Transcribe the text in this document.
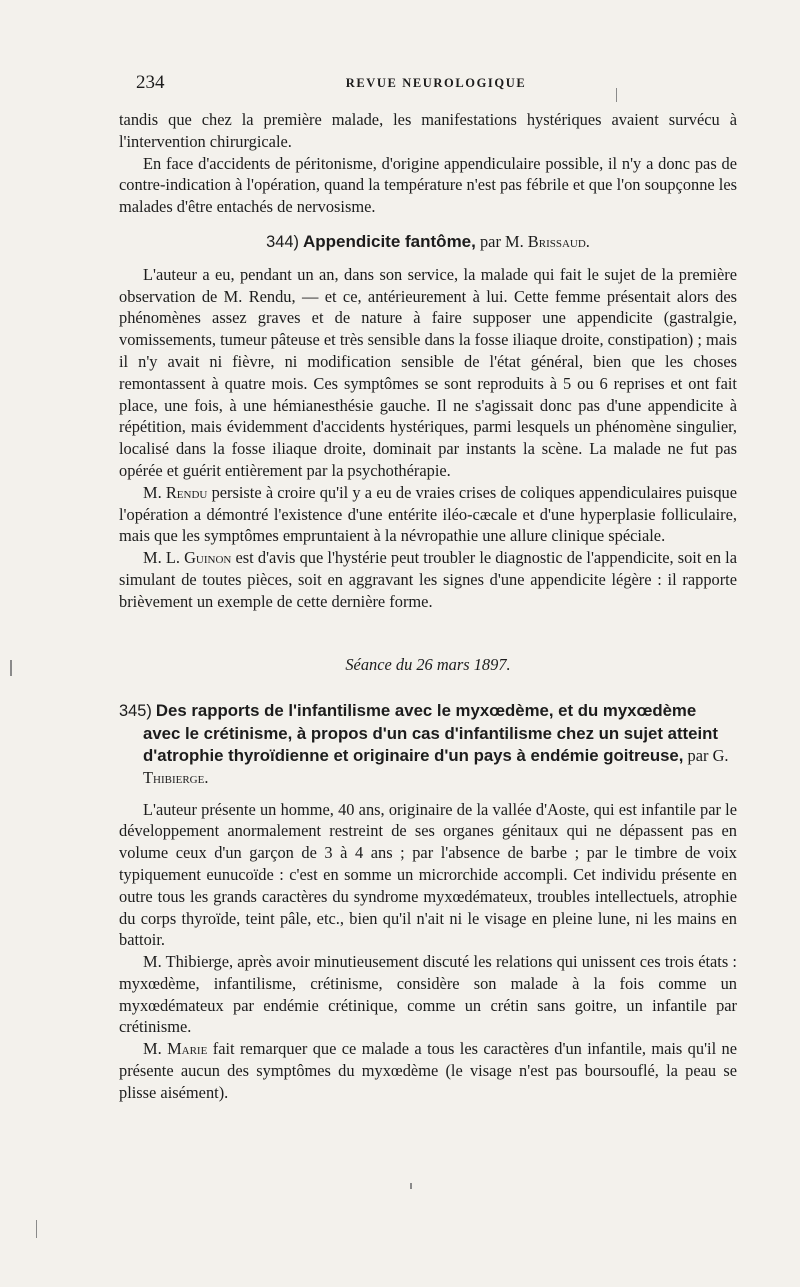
234	REVUE NEUROLOGIQUE

tandis que chez la première malade, les manifestations hystériques avaient survécu à l'intervention chirurgicale.

En face d'accidents de péritonisme, d'origine appendiculaire possible, il n'y a donc pas de contre-indication à l'opération, quand la température n'est pas fébrile et que l'on soupçonne les malades d'être entachés de nervosisme.

344) Appendicite fantôme, par M. Brissaud.

L'auteur a eu, pendant un an, dans son service, la malade qui fait le sujet de la première observation de M. Rendu, — et ce, antérieurement à lui. Cette femme présentait alors des phénomènes assez graves et de nature à faire supposer une appendicite (gastralgie, vomissements, tumeur pâteuse et très sensible dans la fosse iliaque droite, constipation) ; mais il n'y avait ni fièvre, ni modification sensible de l'état général, bien que les choses remontassent à quatre mois. Ces symptômes se sont reproduits à 5 ou 6 reprises et ont fait place, une fois, à une hémianesthésie gauche. Il ne s'agissait donc pas d'une appendicite à répétition, mais évidemment d'accidents hystériques, parmi lesquels un phénomène singulier, localisé dans la fosse iliaque droite, dominait par instants la scène. La malade ne fut pas opérée et guérit entièrement par la psychothérapie.

M. Rendu persiste à croire qu'il y a eu de vraies crises de coliques appendiculaires puisque l'opération a démontré l'existence d'une entérite iléo-cæcale et d'une hyperplasie folliculaire, mais que les symptômes empruntaient à la névropathie une allure clinique spéciale.

M. L. Guinon est d'avis que l'hystérie peut troubler le diagnostic de l'appendicite, soit en la simulant de toutes pièces, soit en aggravant les signes d'une appendicite légère : il rapporte brièvement un exemple de cette dernière forme.

Séance du 26 mars 1897.
345) Des rapports de l'infantilisme avec le myxœdème, et du myxœdème avec le crétinisme, à propos d'un cas d'infantilisme chez un sujet atteint d'atrophie thyroïdienne et originaire d'un pays à endémie goitreuse, par G. Thibierge.

L'auteur présente un homme, 40 ans, originaire de la vallée d'Aoste, qui est infantile par le développement anormalement restreint de ses organes génitaux qui ne dépassent pas en volume ceux d'un garçon de 3 à 4 ans ; par l'absence de barbe ; par le timbre de voix typiquement eunucoïde : c'est en somme un microrchide accompli. Cet individu présente en outre tous les grands caractères du syndrome myxœdémateux, troubles intellectuels, atrophie du corps thyroïde, teint pâle, etc., bien qu'il n'ait ni le visage en pleine lune, ni les mains en battoir.

M. Thibierge, après avoir minutieusement discuté les relations qui unissent ces trois états : myxœdème, infantilisme, crétinisme, considère son malade à la fois comme un myxœdémateux par endémie crétinique, comme un crétin sans goitre, un infantile par crétinisme.

M. Marie fait remarquer que ce malade a tous les caractères d'un infantile, mais qu'il ne présente aucun des symptômes du myxœdème (le visage n'est pas boursouflé, la peau se plisse aisément).
